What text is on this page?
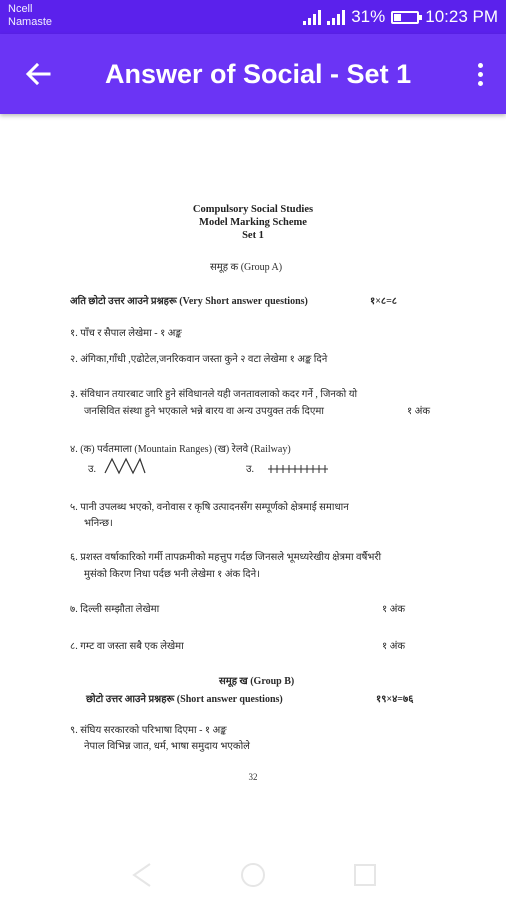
Ncell
Namaste	31% 10:23 PM
Answer of Social - Set 1
Compulsory Social Studies
Model Marking Scheme
Set 1
समूह क (Group A)
अति छोटो उत्तर आउने प्रश्नहरू (Very Short answer questions)	१×८=८
१. पाँच र सैपाल लेखेमा - १ अङ्क
२. अंगिका,गाँधी ,एढोटेल,जनरिकवान जस्ता कुने २ वटा लेखेमा १ अङ्क दिने
३. संविधान तयारबाट जारि हुने संविधानले यही जनतावलाको कदर गर्ने , जिनको यो
जनसिवित संस्था हुने भएकाले भन्ने बारय वा अन्य उपयुक्त तर्क दिएमा	१ अंक
४. (क) पर्वतमाला (Mountain Ranges) (ख) रेलवे (Railway)
उ.	उ.
५. पानी उपलब्ध भएको, वनोवास र कृषि उत्पादनसँग सम्पूर्णको क्षेत्रमाई समाधान
भनिन्छ।
६. प्रशस्त वर्षाकारिको गर्मी तापक्रमीको महत्तुप गर्दछ जिनसले भूमध्यरेखीय क्षेत्रमा वर्षैभरी
मुसंको किरण निधा पर्दछ भनी लेखेमा १ अंक दिने।
७. दिल्ली सम्झौता लेखेमा	१ अंक
८. गम्ट वा जस्ता सबै एक लेखेमा	१ अंक
समूह ख (Group B)
छोटो उत्तर आउने प्रश्नहरू (Short answer questions)	१९×४=७६
९. संघिय सरकारको परिभाषा दिएमा - १ अङ्क
नेपाल विभिन्न जात, धर्म, भाषा समुदाय भएकोले
32
